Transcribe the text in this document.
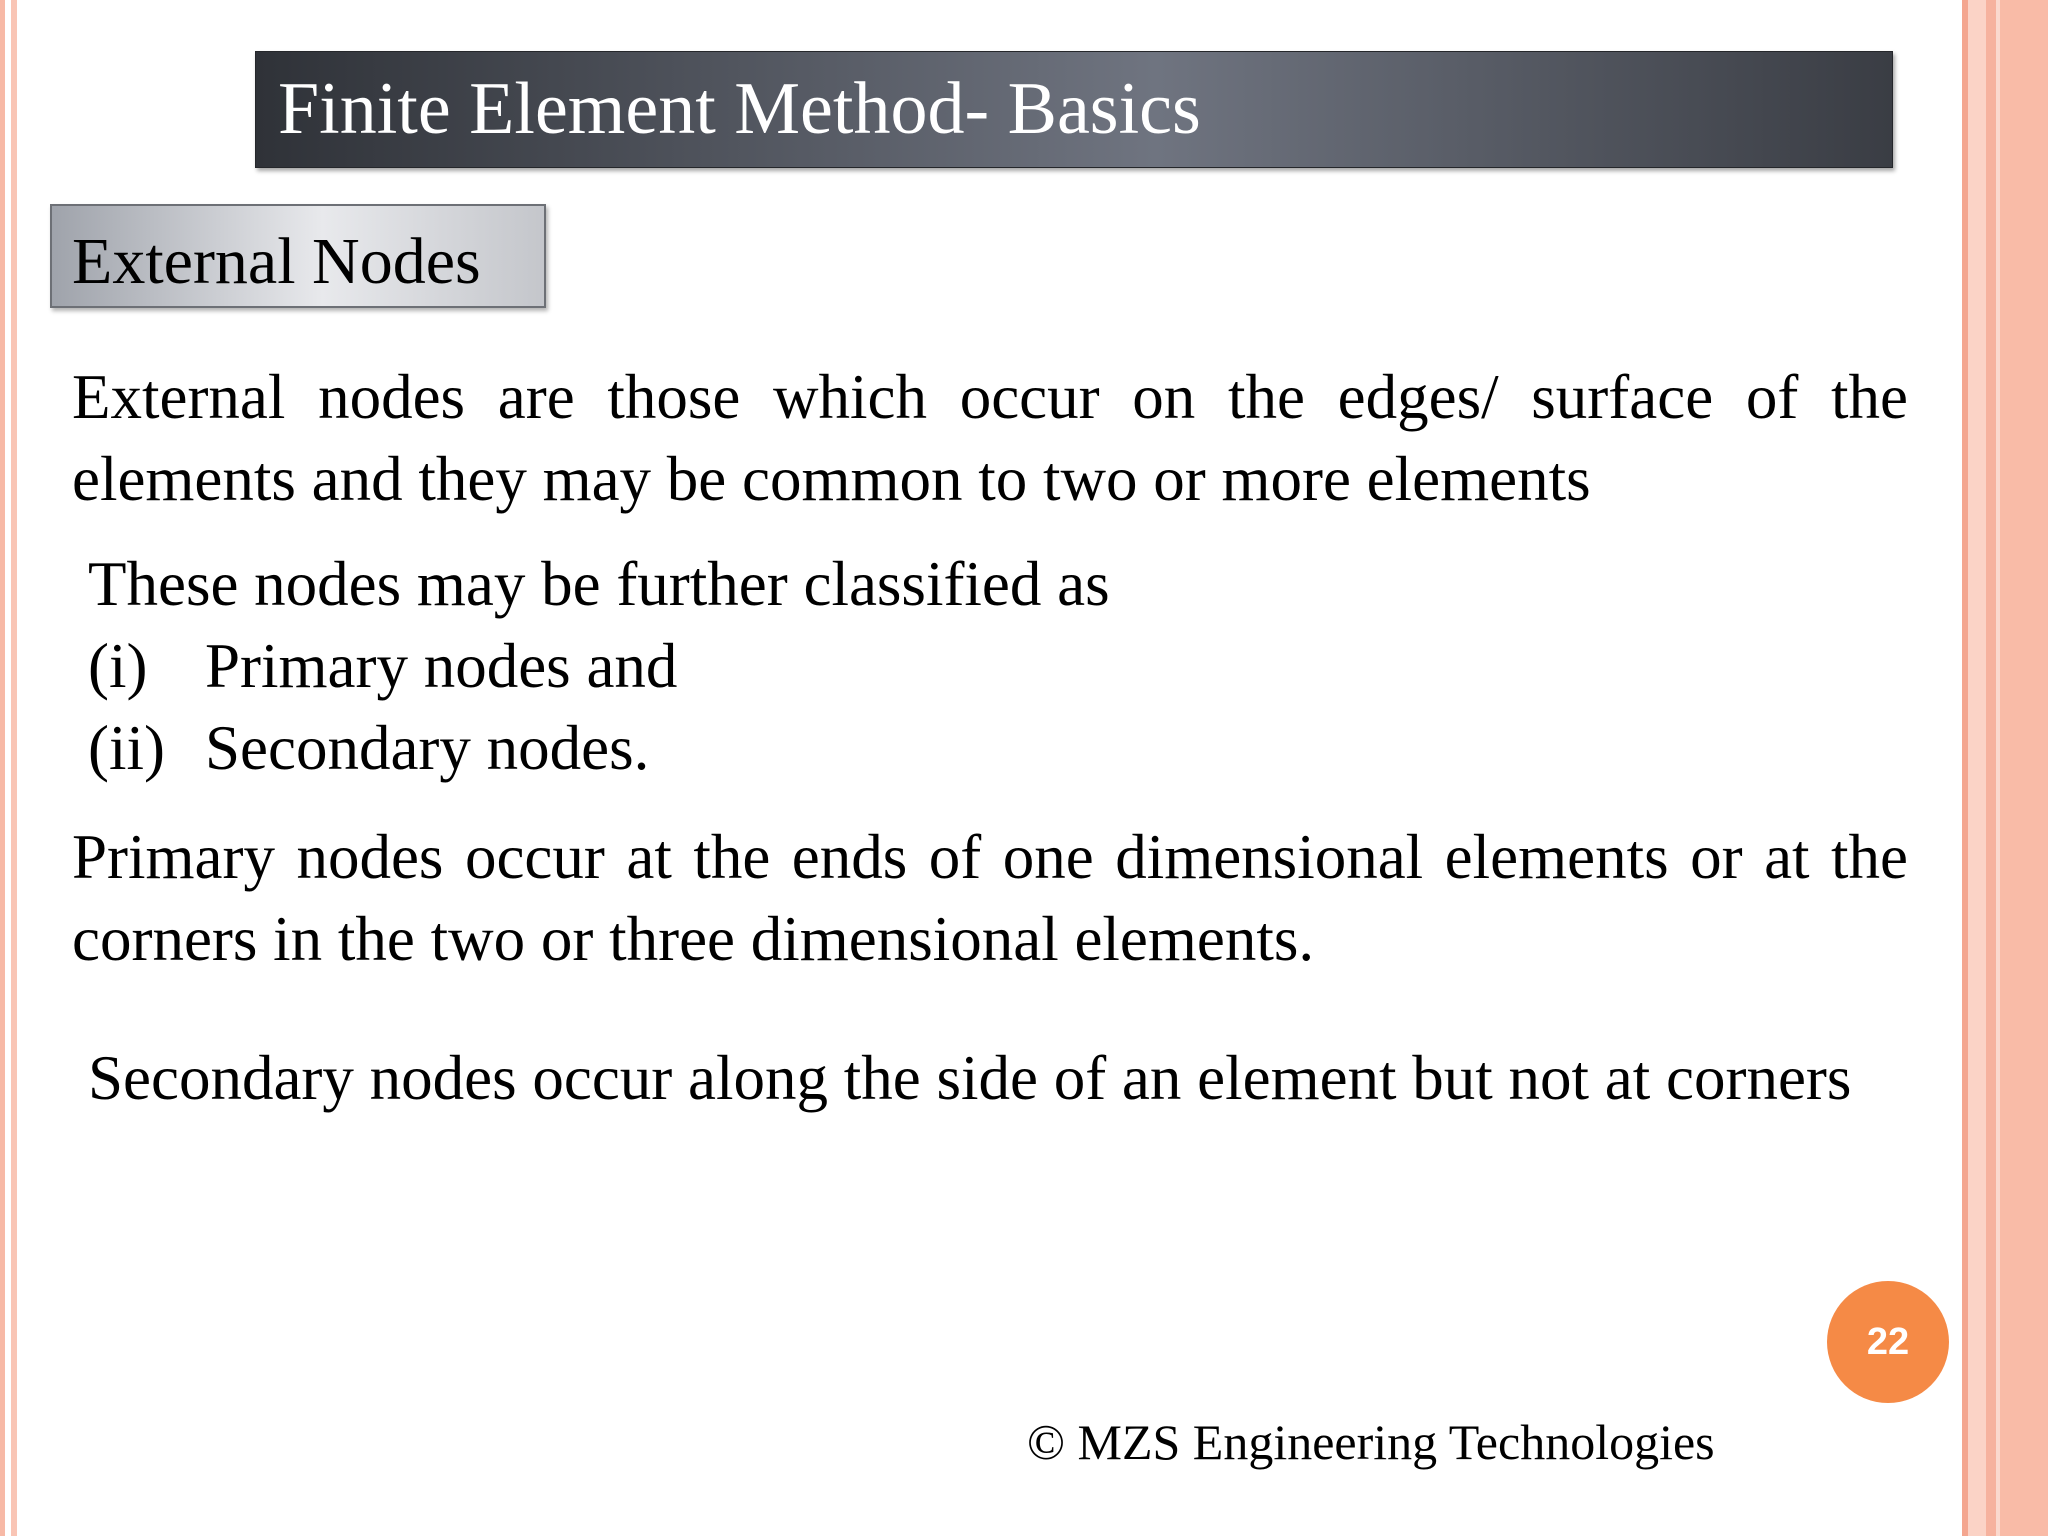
Finite Element Method- Basics
External Nodes
External nodes are those which occur on the edges/ surface of the elements and they may be common to two or more elements
These nodes may be further classified as
(i) Primary nodes and
(ii) Secondary nodes.
Primary nodes occur at the ends of one dimensional elements or at the corners in the two or three dimensional elements.
Secondary nodes occur along the side of an element but not at corners
22
© MZS Engineering Technologies
